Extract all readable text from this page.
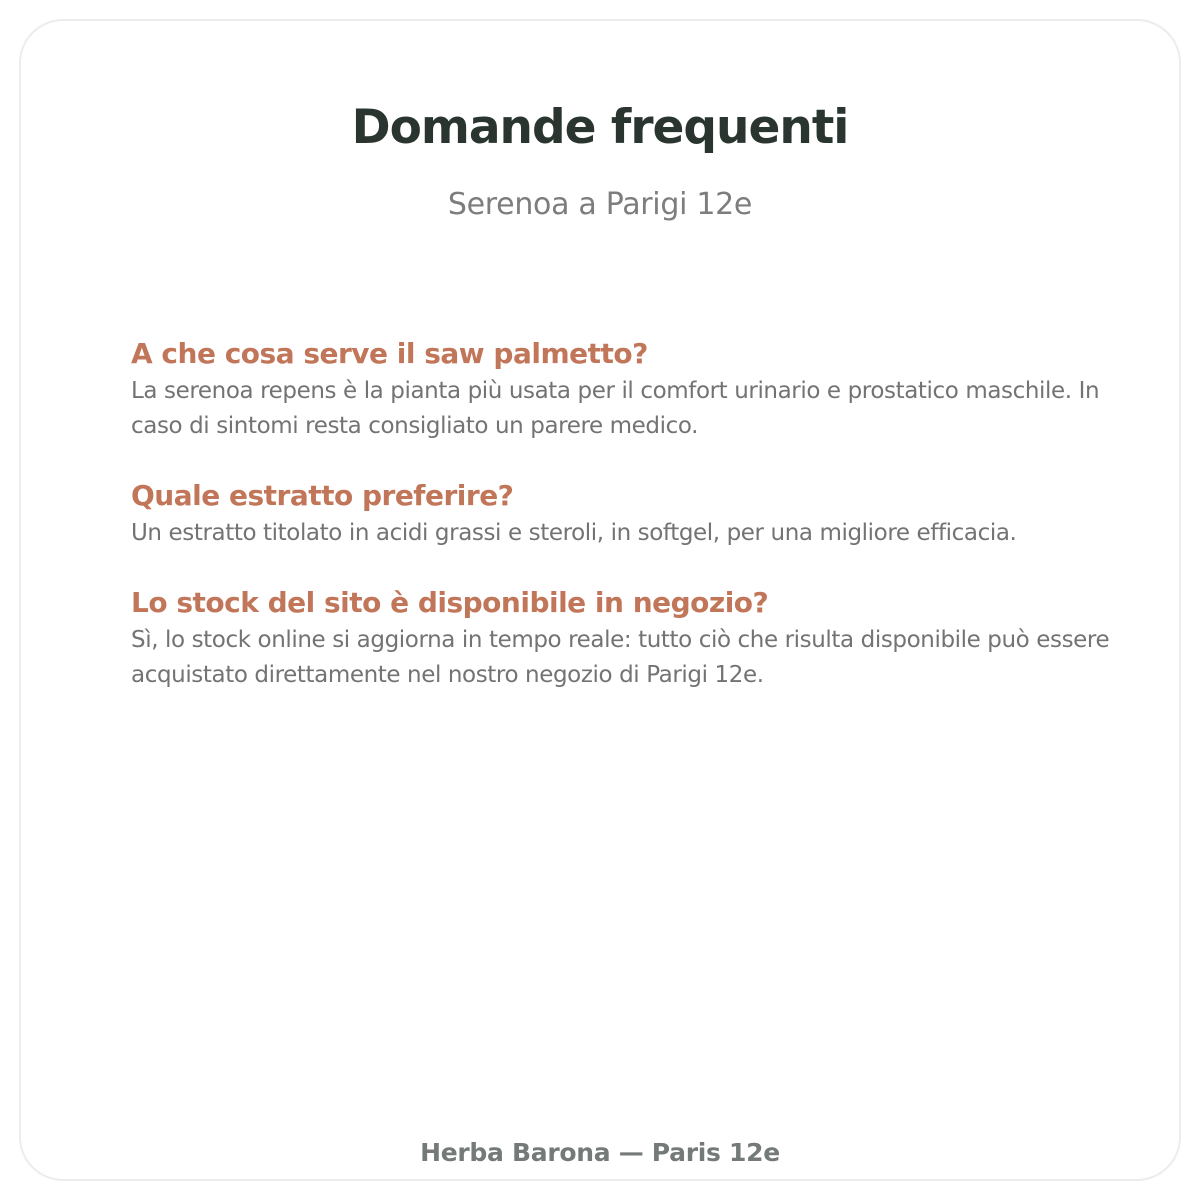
Domande frequenti
Serenoa a Parigi 12e
A che cosa serve il saw palmetto?
La serenoa repens è la pianta più usata per il comfort urinario e prostatico maschile. In caso di sintomi resta consigliato un parere medico.
Quale estratto preferire?
Un estratto titolato in acidi grassi e steroli, in softgel, per una migliore efficacia.
Lo stock del sito è disponibile in negozio?
Sì, lo stock online si aggiorna in tempo reale: tutto ciò che risulta disponibile può essere acquistato direttamente nel nostro negozio di Parigi 12e.
Herba Barona — Paris 12e
